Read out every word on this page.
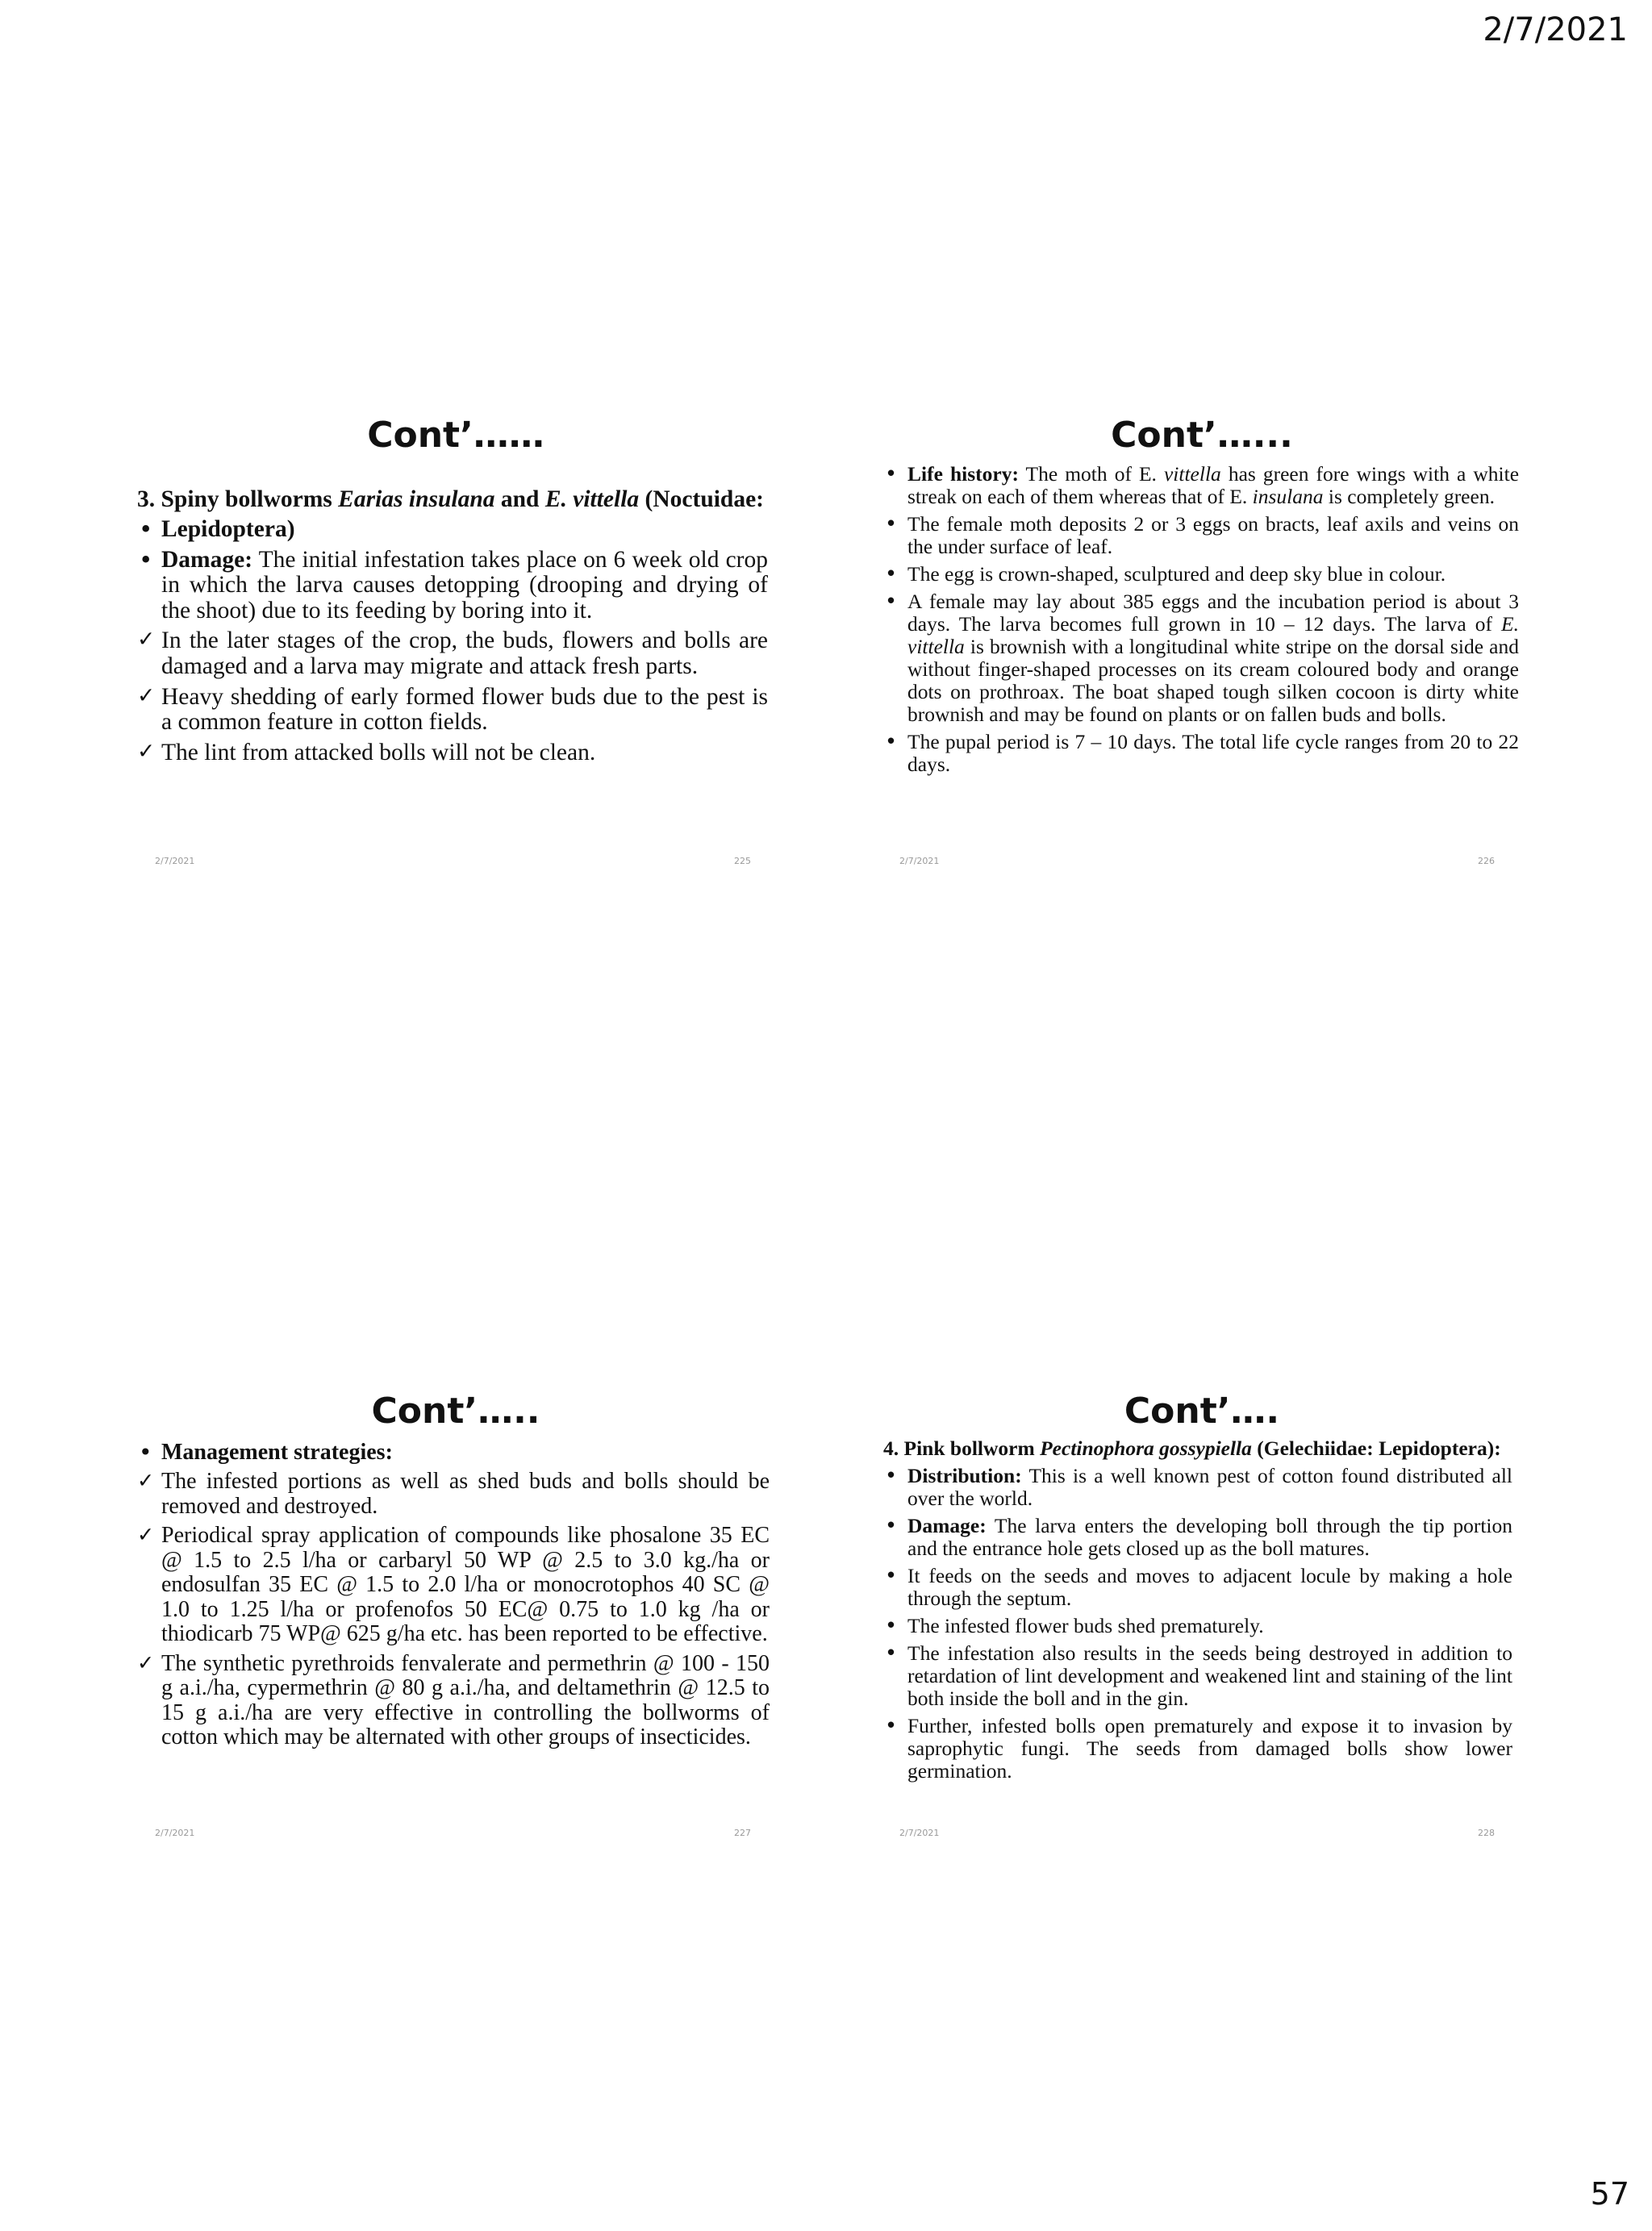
2/7/2021
Cont’……
3. Spiny bollworms Earias insulana and E. vittella (Noctuidae:
• Lepidoptera)
• Damage: The initial infestation takes place on 6 week old crop in which the larva causes detopping (drooping and drying of the shoot) due to its feeding by boring into it.
✓ In the later stages of the crop, the buds, flowers and bolls are damaged and a larva may migrate and attack fresh parts.
✓ Heavy shedding of early formed flower buds due to the pest is a common feature in cotton fields.
✓ The lint from attacked bolls will not be clean.
2/7/2021	225
Cont’…...
• Life history: The moth of E. vittella has green fore wings with a white streak on each of them whereas that of E. insulana is completely green.
• The female moth deposits 2 or 3 eggs on bracts, leaf axils and veins on the under surface of leaf.
• The egg is crown-shaped, sculptured and deep sky blue in colour.
• A female may lay about 385 eggs and the incubation period is about 3 days. The larva becomes full grown in 10 – 12 days. The larva of E. vittella is brownish with a longitudinal white stripe on the dorsal side and without finger-shaped processes on its cream coloured body and orange dots on prothroax. The boat shaped tough silken cocoon is dirty white brownish and may be found on plants or on fallen buds and bolls.
• The pupal period is 7 – 10 days. The total life cycle ranges from 20 to 22 days.
2/7/2021	226
Cont’…..
• Management strategies:
✓ The infested portions as well as shed buds and bolls should be removed and destroyed.
✓ Periodical spray application of compounds like phosalone 35 EC @ 1.5 to 2.5 l/ha or carbaryl 50 WP @ 2.5 to 3.0 kg./ha or endosulfan 35 EC @ 1.5 to 2.0 l/ha or monocrotophos 40 SC @ 1.0 to 1.25 l/ha or profenofos 50 EC@ 0.75 to 1.0 kg /ha or thiodicarb 75 WP@ 625 g/ha etc. has been reported to be effective.
✓ The synthetic pyrethroids fenvalerate and permethrin @ 100 - 150 g a.i./ha, cypermethrin @ 80 g a.i./ha, and deltamethrin @ 12.5 to 15 g a.i./ha are very effective in controlling the bollworms of cotton which may be alternated with other groups of insecticides.
2/7/2021	227
Cont’….
4. Pink bollworm Pectinophora gossypiella (Gelechiidae: Lepidoptera):
• Distribution: This is a well known pest of cotton found distributed all over the world.
• Damage: The larva enters the developing boll through the tip portion and the entrance hole gets closed up as the boll matures.
• It feeds on the seeds and moves to adjacent locule by making a hole through the septum.
• The infested flower buds shed prematurely.
• The infestation also results in the seeds being destroyed in addition to retardation of lint development and weakened lint and staining of the lint both inside the boll and in the gin.
• Further, infested bolls open prematurely and expose it to invasion by saprophytic fungi. The seeds from damaged bolls show lower germination.
2/7/2021	228
57
